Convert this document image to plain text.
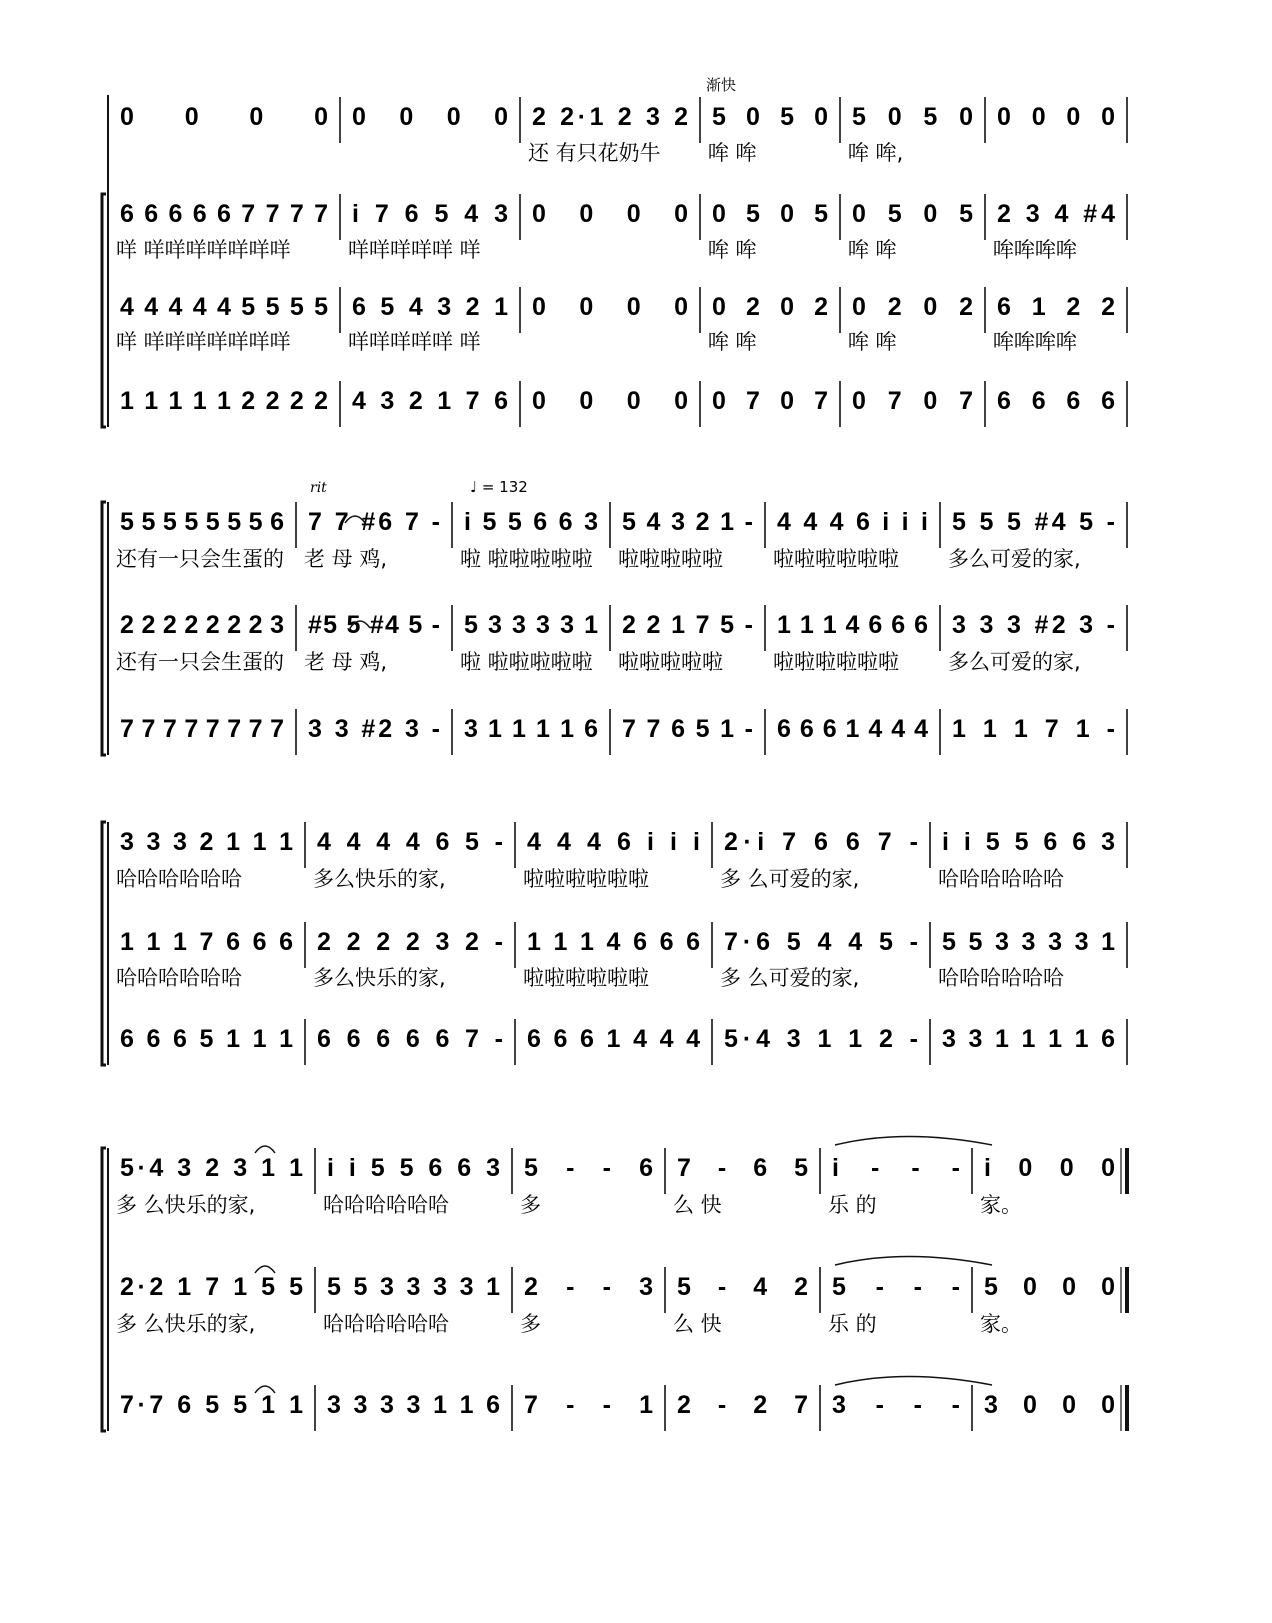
渐快
0 0 0 0 0 0 0 0 2 2·1 2 3 2
还 有只花奶牛
5 0 5 0
哞 哞
5 0 5 0
哞 哞,
0 0 0 0
6 6 6 6 6 7 7 7 7
咩 咩咩咩咩咩咩咩
i 7 6 5 4 3
咩咩咩咩咩 咩
0 0 0 0 0 5 0 5
哞 哞
0 5 0 5
哞 哞
2 3 4 #4
哞哞哞哞
4 4 4 4 4 5 5 5 5
咩 咩咩咩咩咩咩咩
6 5 4 3 2 1
咩咩咩咩咩 咩
0 0 0 0 0 2 0 2
哞 哞
0 2 0 2
哞 哞
6 1 2 2
哞哞哞哞
1 1 1 1 1 2 2 2 2 4 3 2 1 7 6 0 0 0 0 0 7 0 7 0 7 0 7 6 6 6 6
rit	♩ = 132
5 5 5 5 5 5 5 6
还有一只会生蛋的
7 7 #6 7 -
老 母 鸡,
i 5 5 6 6 3
啦 啦啦啦啦啦
5 4 3 2 1 -
啦啦啦啦啦
4 4 4 6 i i i
啦啦啦啦啦啦
5 5 5 #4 5 -
多么可爱的家,
2 2 2 2 2 2 2 3
还有一只会生蛋的
#5 5 #4 5 -
老 母 鸡,
5 3 3 3 3 1
啦 啦啦啦啦啦
2 2 1 7 5 -
啦啦啦啦啦
1 1 1 4 6 6 6
啦啦啦啦啦啦
3 3 3 #2 3 -
多么可爱的家,
7 7 7 7 7 7 7 7 3 3 #2 3 - 3 1 1 1 1 6 7 7 6 5 1 - 6 6 6 1 4 4 4 1 1 1 7 1 -
3 3 3 2 1 1 1
哈哈哈哈哈哈
4 4 4 4 6 5 -
多么快乐的家,
4 4 4 6 i i i
啦啦啦啦啦啦
2·i 7 6 6 7 -
多 么可爱的家,
i i 5 5 6 6 3
哈哈哈哈哈哈
1 1 1 7 6 6 6
哈哈哈哈哈哈
2 2 2 2 3 2 -
多么快乐的家,
1 1 1 4 6 6 6
啦啦啦啦啦啦
7·6 5 4 4 5 -
多 么可爱的家,
5 5 3 3 3 3 1
哈哈哈哈哈哈
6 6 6 5 1 1 1 6 6 6 6 6 7 - 6 6 6 1 4 4 4 5·4 3 1 1 2 - 3 3 1 1 1 1 6
5·4 3 2 3 1 1
多 么快乐的家,
i i 5 5 6 6 3
哈哈哈哈哈哈
5 - - 6
多
7 - 6 5
么 快
i - - -
乐 的
i 0 0 0
家。
2·2 1 7 1 5 5
多 么快乐的家,
5 5 3 3 3 3 1
哈哈哈哈哈哈
2 - - 3
多
5 - 4 2
么 快
5 - - -
乐 的
5 0 0 0
家。
7·7 6 5 5 1 1 3 3 3 3 1 1 6 7 - - 1 2 - 2 7 3 - - - 3 0 0 0
